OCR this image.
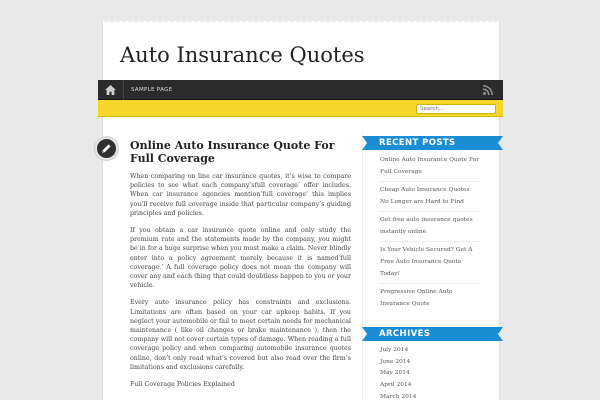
Auto Insurance Quotes
SAMPLE PAGE
Search...
Online Auto Insurance Quote For Full Coverage

When comparing on line car insurance quotes, it’s wise to compare policies to see what each company’sfull coverage’ offer includes. When car insurance agencies mention‘full coverage’ this implies you’ll receive full coverage inside that particular company’s guiding principles and policies.

If you obtain a car insurance quote online and only study the premium rate and the statements made by the company, you might be in for a huge surprise when you must make a claim. Never blindly enter into a policy agreement merely because it is named‘full coverage.’ A full coverage policy does not mean the company will cover any and each thing that could doubtless happen to you or your vehicle.

Every auto insurance policy has constraints and exclusions. Limitations are often based on your car upkeep habits. If you neglect your automobile or fail to meet certain needs for mechanical maintenance ( like oil changes or brake maintenance ), then the company will not cover certain types of damage. When reading a full coverage policy and when comparing automobile insurance quotes online, don’t only read what’s covered but also read over the firm’s limitations and exclusions carefully.

Full Coverage Policies Explained

RECENT POSTS
Online Auto Insurance Quote For Full Coverage
Cheap Auto Insurance Quotes No Longer are Hard to Find
Get free auto insurance quotes instantly online
Is Your Vehicle Secured? Get A Free Auto Insurance Quote Today!
Progressive Online Auto Insurance Quote
ARCHIVES
July 2014
June 2014
May 2014
April 2014
March 2014
